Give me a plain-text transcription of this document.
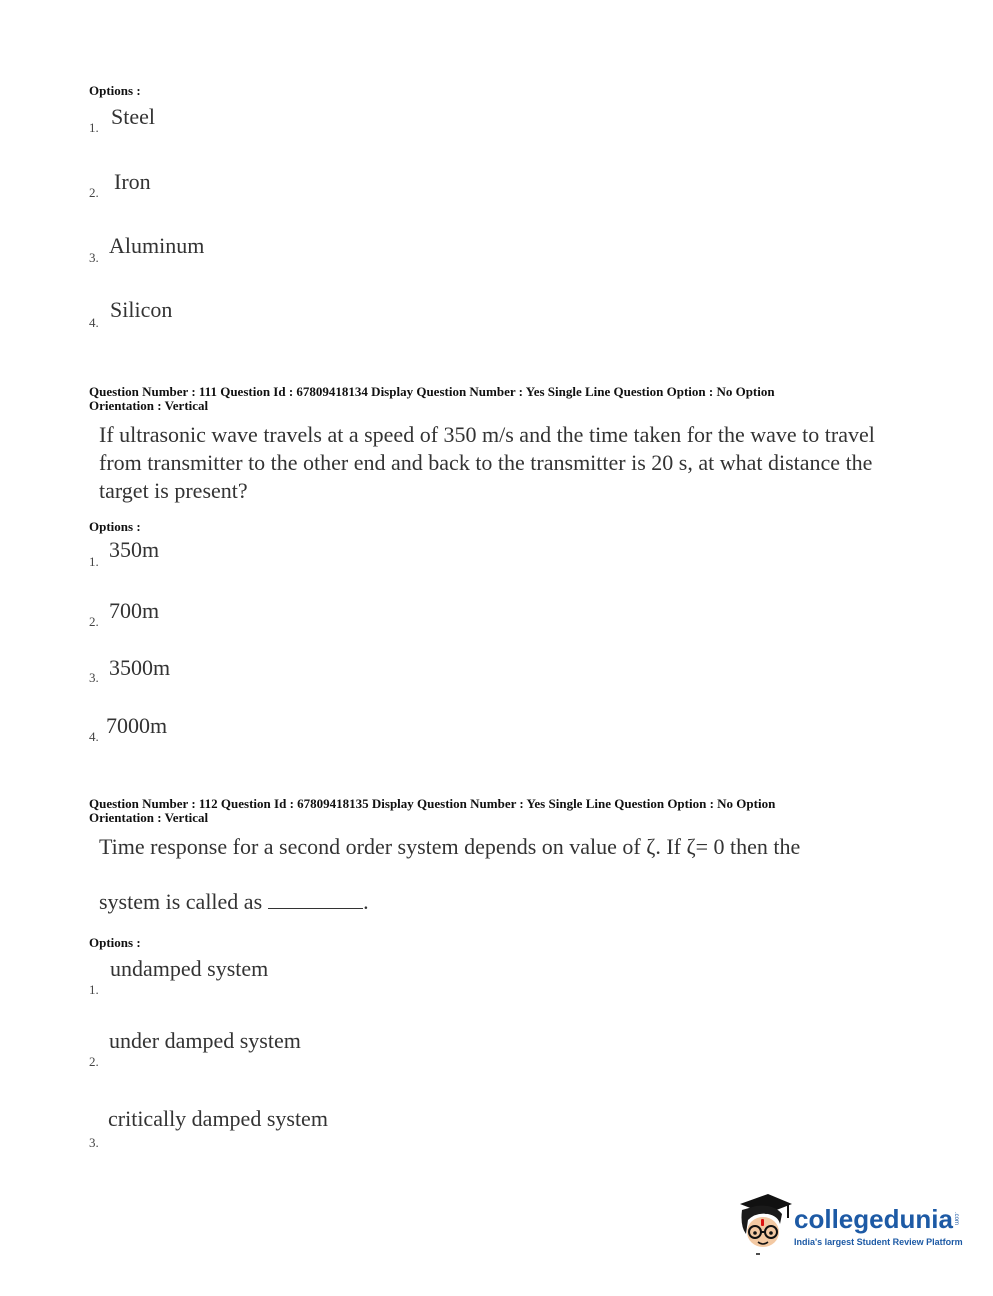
Options :
1. Steel
2. Iron
3. Aluminum
4.
Silicon
Question Number : 111 Question Id : 67809418134 Display Question Number : Yes Single Line Question Option : No Option
Orientation : Vertical
If ultrasonic wave travels at a speed of 350 m/s and the time taken for the wave to travel from transmitter to the other end and back to the transmitter is 20 s, at what distance the target is present?
Options :
1. 350m
2. 700m
3. 3500m
4. 7000m
Question Number : 112 Question Id : 67809418135 Display Question Number : Yes Single Line Question Option : No Option
Orientation : Vertical
Time response for a second order system depends on value of ζ. If ζ= 0 then the
system is called as	.
Options :
1.
undamped system
2.
under damped system
3.
critically damped system
collegedunia .com
India's largest Student Review Platform
